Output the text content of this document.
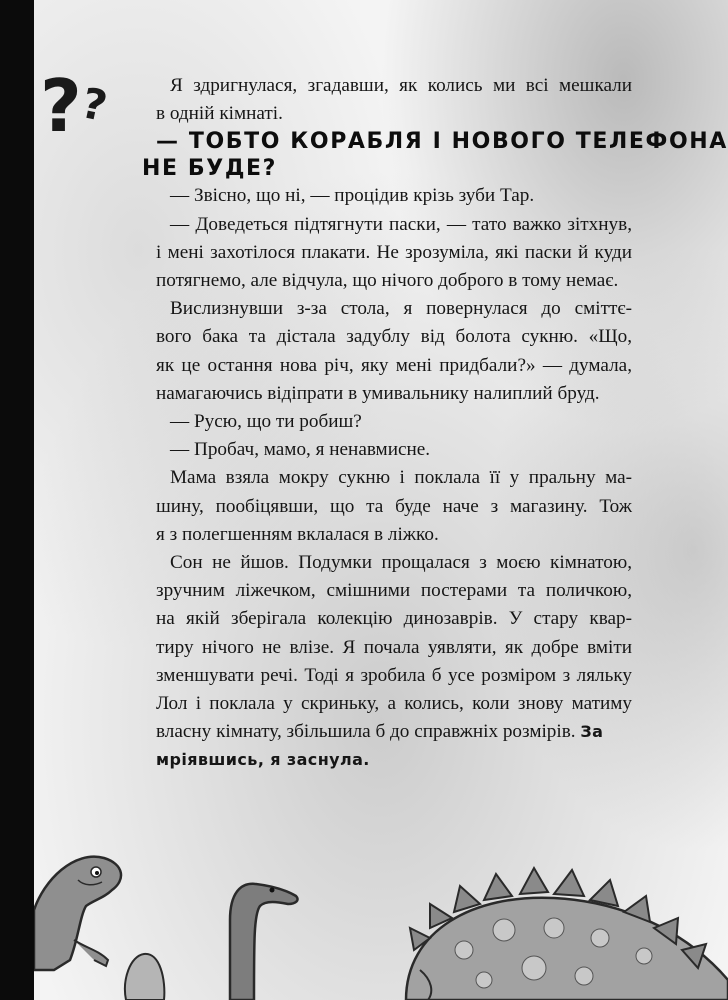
?
?	Я здригнулася, згадавши, як колись ми всі мешкали
в одній кімнаті.

— ТОБТО КОРАБЛЯ І НОВОГО ТЕЛЕФОНА
НЕ БУДЕ?

— Звісно, що ні, — процідив крізь зуби Тар.

— Доведеться підтягнути паски, — тато важко зітхнув,
і мені захотілося плакати. Не зрозуміла, які паски й куди
потягнемо, але відчула, що нічого доброго в тому немає.

Вислизнувши з-за стола, я повернулася до сміттє-
вого бака та дістала задублу від болота сукню. «Що,
як це остання нова річ, яку мені придбали?» — думала,
намагаючись відіпрати в умивальнику налиплий бруд.

— Русю, що ти робиш?

— Пробач, мамо, я ненавмисне.

Мама взяла мокру сукню і поклала її у пральну ма-
шину, пообіцявши, що та буде наче з магазину. Тож
я з полегшенням вклалася в ліжко.

Сон не йшов. Подумки прощалася з моєю кімнатою,
зручним ліжечком, смішними постерами та поличкою,
на якій зберігала колекцію динозаврів. У стару квар-
тиру нічого не влізе. Я почала уявляти, як добре вміти
зменшувати речі. Тоді я зробила б усе розміром з ляльку
Лол і поклала у скриньку, а колись, коли знову матиму
власну кімнату, збільшила б до справжніх розмірів. За
мріявшись, я заснула.
